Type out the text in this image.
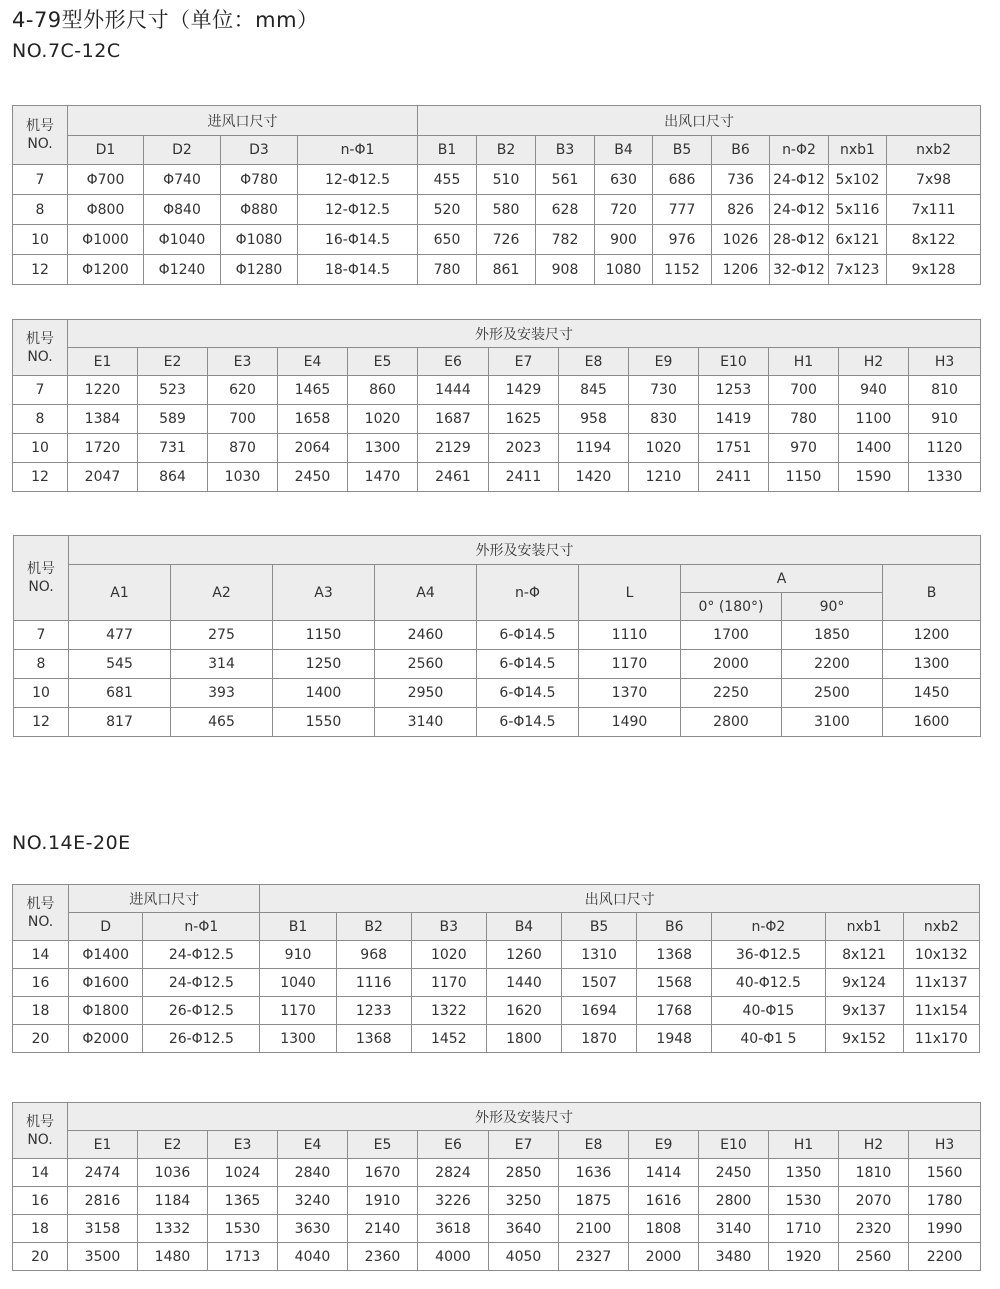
4-79型外形尺寸（单位：mm）
NO.7C-12C
机号
NO.	进风口尺寸				出风口尺寸								
	D1	D2	D3	n-Φ1	B1	B2	B3	B4	B5	B6	n-Φ2	nxb1	nxb2
7	Φ700	Φ740	Φ780	12-Φ12.5	455	510	561	630	686	736	24-Φ12	5x102	7x98
8	Φ800	Φ840	Φ880	12-Φ12.5	520	580	628	720	777	826	24-Φ12	5x116	7x111
10	Φ1000	Φ1040	Φ1080	16-Φ14.5	650	726	782	900	976	1026	28-Φ12	6x121	8x122
12	Φ1200	Φ1240	Φ1280	18-Φ14.5	780	861	908	1080	1152	1206	32-Φ12	7x123	9x128
机号
NO.	外形及安装尺寸												
	E1	E2	E3	E4	E5	E6	E7	E8	E9	E10	H1	H2	H3
7	1220	523	620	1465	860	1444	1429	845	730	1253	700	940	810
8	1384	589	700	1658	1020	1687	1625	958	830	1419	780	1100	910
10	1720	731	870	2064	1300	2129	2023	1194	1020	1751	970	1400	1120
12	2047	864	1030	2450	1470	2461	2411	1420	1210	2411	1150	1590	1330
机号
NO.	外形及安装尺寸								
	A1	A2	A3	A4	n-Φ	L	A		B
							0° (180°)	90°	
7	477	275	1150	2460	6-Φ14.5	1110	1700	1850	1200
8	545	314	1250	2560	6-Φ14.5	1170	2000	2200	1300
10	681	393	1400	2950	6-Φ14.5	1370	2250	2500	1450
12	817	465	1550	3140	6-Φ14.5	1490	2800	3100	1600
NO.14E-20E
机号
NO.	进风口尺寸		出风口尺寸								
	D	n-Φ1	B1	B2	B3	B4	B5	B6	n-Φ2	nxb1	nxb2
14	Φ1400	24-Φ12.5	910	968	1020	1260	1310	1368	36-Φ12.5	8x121	10x132
16	Φ1600	24-Φ12.5	1040	1116	1170	1440	1507	1568	40-Φ12.5	9x124	11x137
18	Φ1800	26-Φ12.5	1170	1233	1322	1620	1694	1768	40-Φ15	9x137	11x154
20	Φ2000	26-Φ12.5	1300	1368	1452	1800	1870	1948	40-Φ1 5	9x152	11x170
机号
NO.	外形及安装尺寸												
	E1	E2	E3	E4	E5	E6	E7	E8	E9	E10	H1	H2	H3
14	2474	1036	1024	2840	1670	2824	2850	1636	1414	2450	1350	1810	1560
16	2816	1184	1365	3240	1910	3226	3250	1875	1616	2800	1530	2070	1780
18	3158	1332	1530	3630	2140	3618	3640	2100	1808	3140	1710	2320	1990
20	3500	1480	1713	4040	2360	4000	4050	2327	2000	3480	1920	2560	2200
